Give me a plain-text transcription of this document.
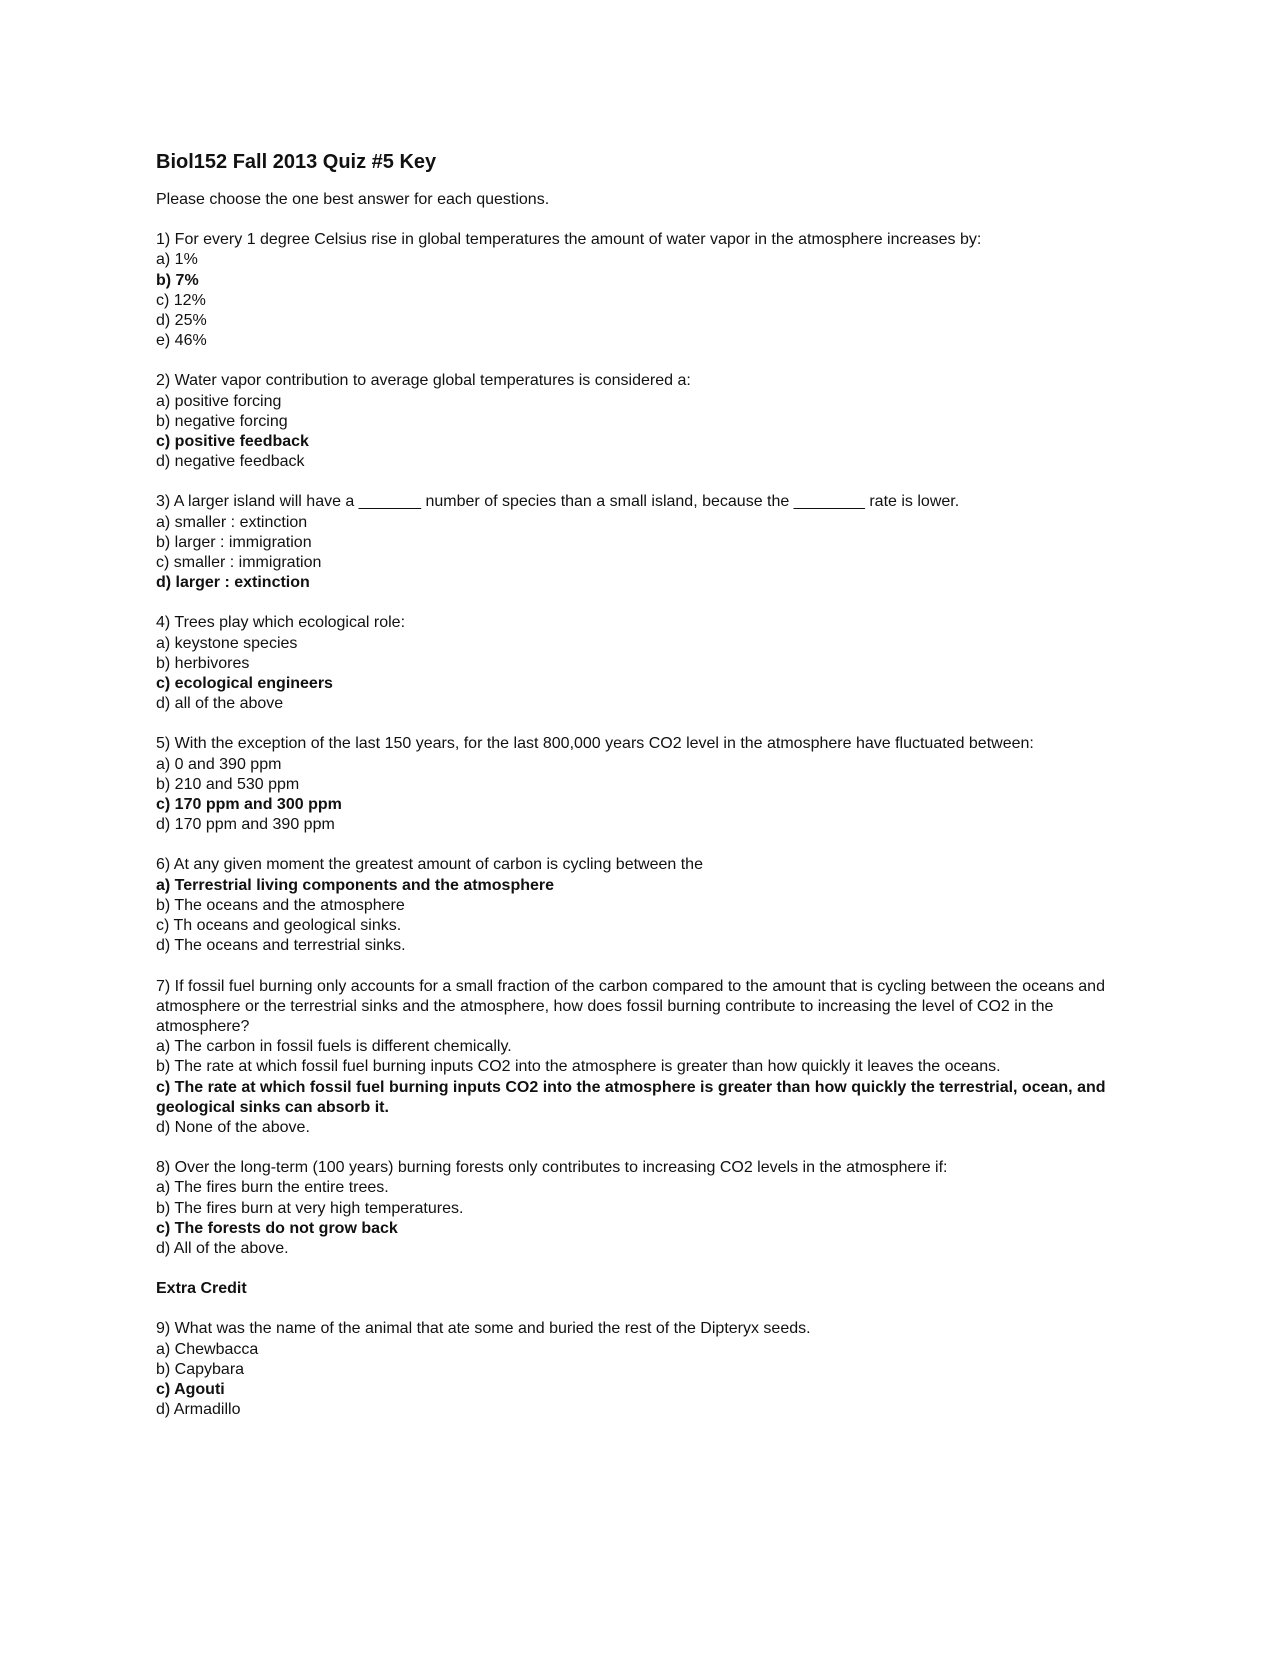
Biol152 Fall 2013 Quiz #5 Key

Please choose the one best answer for each questions.

1) For every 1 degree Celsius rise in global temperatures the amount of water vapor in the atmosphere increases by:
a) 1%
b) 7%
c) 12%
d) 25%
e) 46%
2) Water vapor contribution to average global temperatures is considered a:
a) positive forcing
b) negative forcing
c) positive feedback
d) negative feedback
3) A larger island will have a _______ number of species than a small island, because the ________ rate is lower.
a) smaller : extinction
b) larger : immigration
c) smaller : immigration
d) larger : extinction
4) Trees play which ecological role:
a) keystone species
b) herbivores
c) ecological engineers
d) all of the above
5) With the exception of the last 150 years, for the last 800,000 years CO2 level in the atmosphere have fluctuated between:
a) 0 and 390 ppm
b) 210 and 530 ppm
c) 170 ppm and 300 ppm
d) 170 ppm and 390 ppm
6) At any given moment the greatest amount of carbon is cycling between the
a) Terrestrial living components and the atmosphere
b) The oceans and the atmosphere
c) Th oceans and geological sinks.
d) The oceans and terrestrial sinks.
7) If fossil fuel burning only accounts for a small fraction of the carbon compared to the amount that is cycling between the oceans and atmosphere or the terrestrial sinks and the atmosphere, how does fossil burning contribute to increasing the level of CO2 in the atmosphere?
a) The carbon in fossil fuels is different chemically.
b) The rate at which fossil fuel burning inputs CO2 into the atmosphere is greater than how quickly it leaves the oceans.
c) The rate at which fossil fuel burning inputs CO2 into the atmosphere is greater than how quickly the terrestrial, ocean, and geological sinks can absorb it.
d) None of the above.
8) Over the long-term (100 years) burning forests only contributes to increasing CO2 levels in the atmosphere if:
a) The fires burn the entire trees.
b) The fires burn at very high temperatures.
c) The forests do not grow back
d) All of the above.
Extra Credit
9) What was the name of the animal that ate some and buried the rest of the Dipteryx seeds.
a) Chewbacca
b) Capybara
c) Agouti
d) Armadillo
